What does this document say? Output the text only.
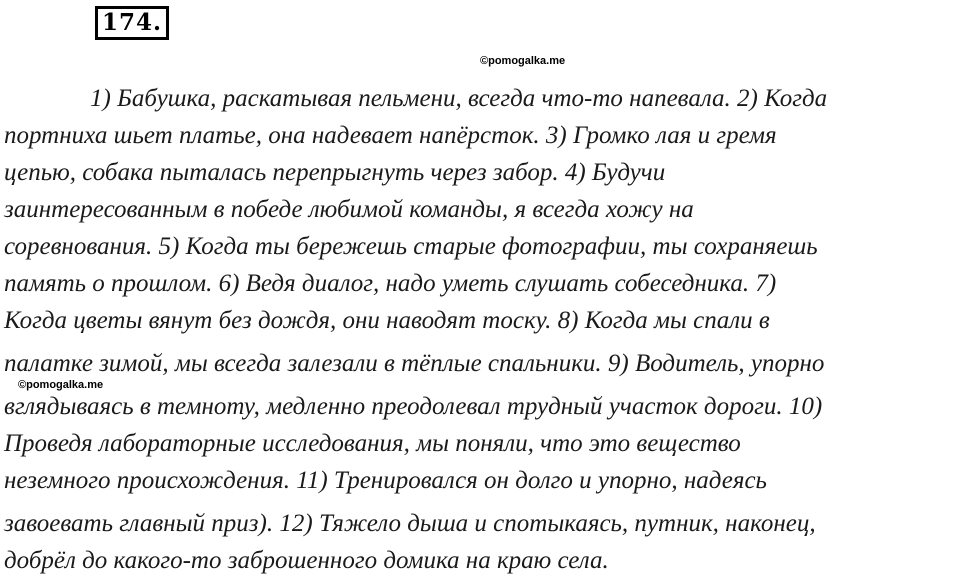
174.
©pomogalka.me
1) Бабушка, раскатывая пельмени, всегда что-то напевала. 2) Когда
портниха шьет платье, она надевает напёрсток. 3) Громко лая и гремя
цепью, собака пыталась перепрыгнуть через забор. 4) Будучи
заинтересованным в победе любимой команды, я всегда хожу на
соревнования. 5) Когда ты бережешь старые фотографии, ты сохраняешь
память о прошлом. 6) Ведя диалог, надо уметь слушать собеседника. 7)
Когда цветы вянут без дождя, они наводят тоску. 8) Когда мы спали в
палатке зимой, мы всегда залезали в тёплые спальники. 9) Водитель, упорно
вглядываясь в темноту, медленно преодолевал трудный участок дороги. 10)
Проведя лабораторные исследования, мы поняли, что это вещество
неземного происхождения. 11) Тренировался он долго и упорно, надеясь
завоевать главный приз). 12) Тяжело дыша и спотыкаясь, путник, наконец,
добрёл до какого-то заброшенного домика на краю села.
©pomogalka.me
